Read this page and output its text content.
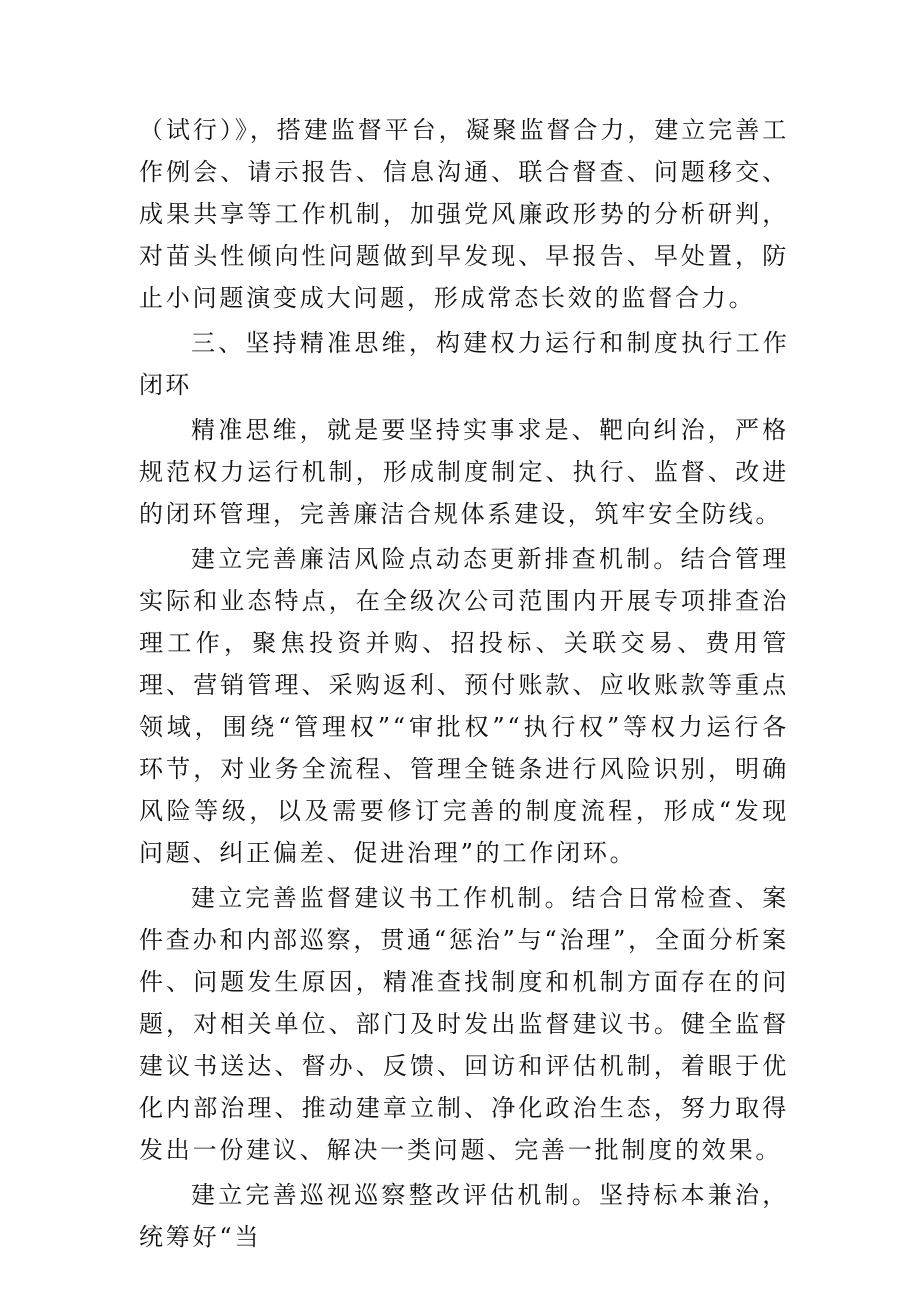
（试行）》，搭建监督平台，凝聚监督合力，建立完善工作例会、请示报告、信息沟通、联合督查、问题移交、成果共享等工作机制，加强党风廉政形势的分析研判，对苗头性倾向性问题做到早发现、早报告、早处置，防止小问题演变成大问题，形成常态长效的监督合力。

三、坚持精准思维，构建权力运行和制度执行工作闭环

精准思维，就是要坚持实事求是、靶向纠治，严格规范权力运行机制，形成制度制定、执行、监督、改进的闭环管理，完善廉洁合规体系建设，筑牢安全防线。

建立完善廉洁风险点动态更新排查机制。结合管理实际和业态特点，在全级次公司范围内开展专项排查治理工作，聚焦投资并购、招投标、关联交易、费用管理、营销管理、采购返利、预付账款、应收账款等重点领域，围绕“管理权”“审批权”“执行权”等权力运行各环节，对业务全流程、管理全链条进行风险识别，明确风险等级，以及需要修订完善的制度流程，形成“发现问题、纠正偏差、促进治理”的工作闭环。

建立完善监督建议书工作机制。结合日常检查、案件查办和内部巡察，贯通“惩治”与“治理”，全面分析案件、问题发生原因，精准查找制度和机制方面存在的问题，对相关单位、部门及时发出监督建议书。健全监督建议书送达、督办、反馈、回访和评估机制，着眼于优化内部治理、推动建章立制、净化政治生态，努力取得发出一份建议、解决一类问题、完善一批制度的效果。

建立完善巡视巡察整改评估机制。坚持标本兼治，统筹好“当
